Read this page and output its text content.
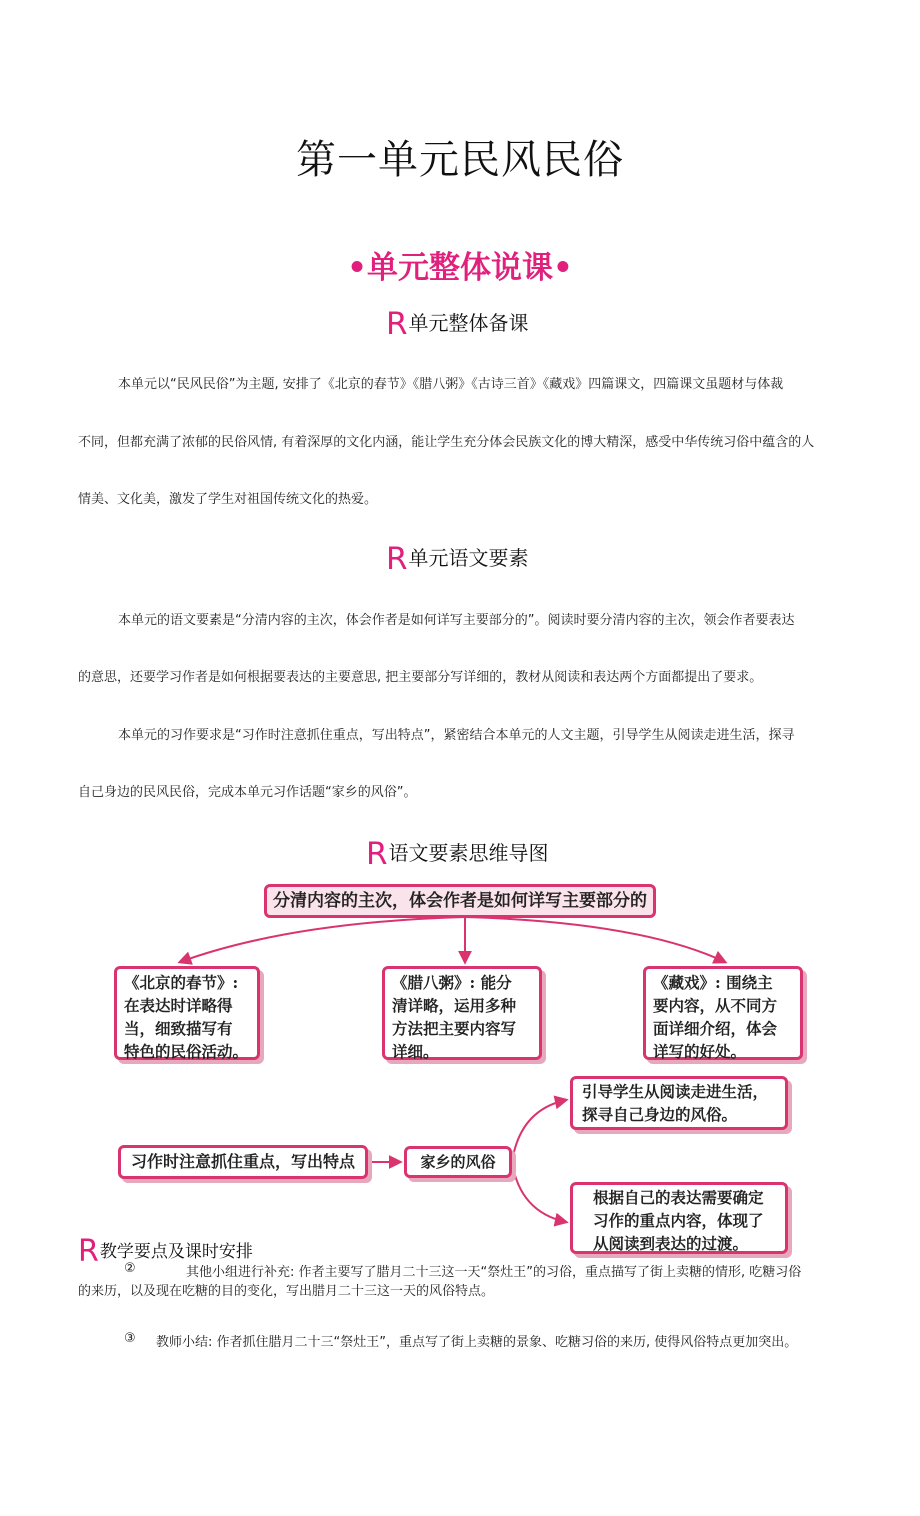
第一单元民风民俗
•单元整体说课•
R单元整体备课
本单元以“民风民俗”为主题, 安排了《北京的春节》《腊八粥》《古诗三首》《藏戏》四篇课文，四篇课文虽题材与体裁
不同，但都充满了浓郁的民俗风情, 有着深厚的文化内涵，能让学生充分体会民族文化的博大精深，感受中华传统习俗中蕴含的人
情美、文化美，激发了学生对祖国传统文化的热爱。
R单元语文要素
本单元的语文要素是“分清内容的主次，体会作者是如何详写主要部分的”。阅读时要分清内容的主次，领会作者要表达
的意思，还要学习作者是如何根据要表达的主要意思, 把主要部分写详细的，教材从阅读和表达两个方面都提出了要求。
本单元的习作要求是“习作时注意抓住重点，写出特点”，紧密结合本单元的人文主题，引导学生从阅读走进生活，探寻
自己身边的民风民俗，完成本单元习作话题“家乡的风俗”。
R语文要素思维导图
分清内容的主次，体会作者是如何详写主要部分的
《北京的春节》:
在表达时详略得
当，细致描写有
特色的民俗活动。
《腊八粥》: 能分
清详略，运用多种
方法把主要内容写
详细。
《藏戏》: 围绕主
要内容，从不同方
面详细介绍，体会
详写的好处。
习作时注意抓住重点，写出特点	家乡的风俗
引导学生从阅读走进生活，
探寻自己身边的风俗。
根据自己的表达需要确定
习作的重点内容，体现了
从阅读到表达的过渡。
R教学要点及课时安排
②	其他小组进行补充: 作者主要写了腊月二十三这一天“祭灶王”的习俗，重点描写了街上卖糖的情形, 吃糖习俗
的来历，以及现在吃糖的目的变化，写出腊月二十三这一天的风俗特点。
③ 教师小结: 作者抓住腊月二十三“祭灶王”，重点写了街上卖糖的景象、吃糖习俗的来历, 使得风俗特点更加突出。
